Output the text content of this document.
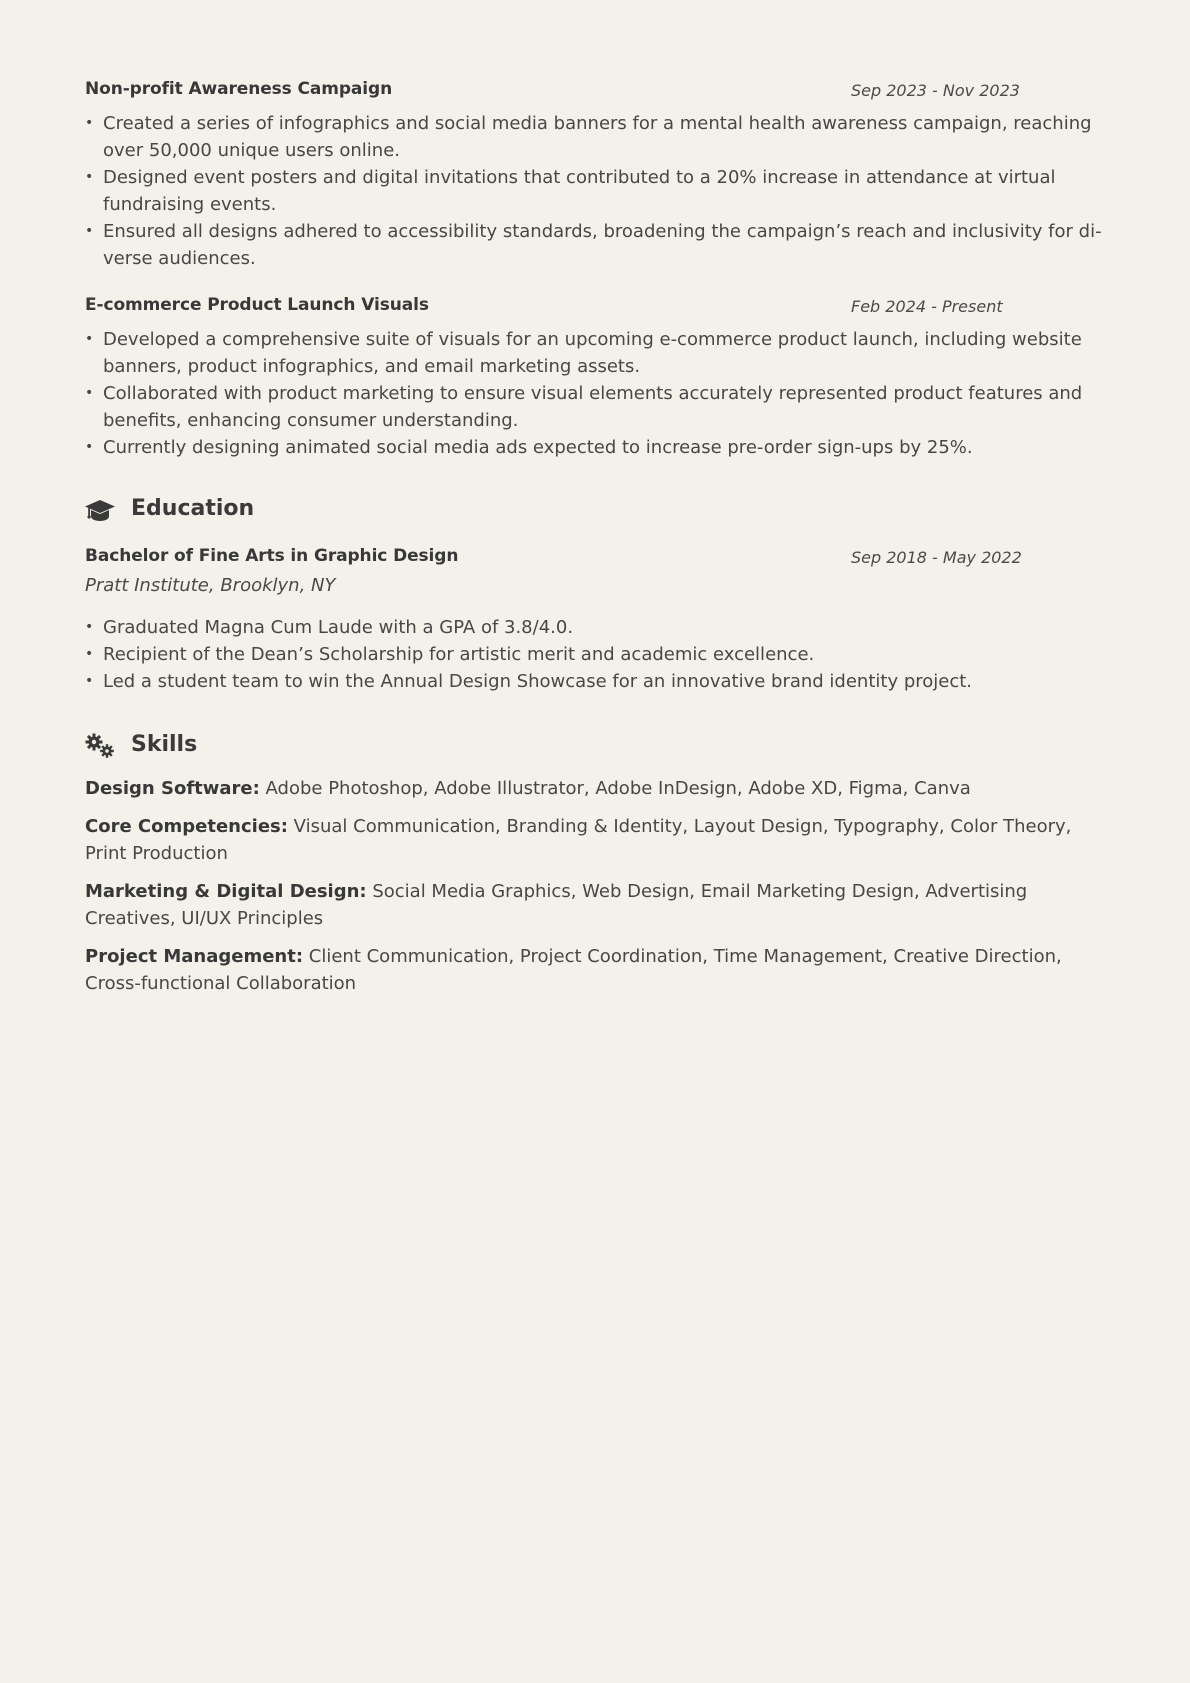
Non-profit Awareness Campaign	Sep 2023 - Nov 2023
• Created a series of infographics and social media banners for a mental health awareness campaign, reaching over 50,000 unique users online.
• Designed event posters and digital invitations that contributed to a 20% increase in attendance at virtual fundraising events.
• Ensured all designs adhered to accessibility standards, broadening the campaign’s reach and inclusivity for di-verse audiences.
E-commerce Product Launch Visuals	Feb 2024 - Present
• Developed a comprehensive suite of visuals for an upcoming e-commerce product launch, including website banners, product infographics, and email marketing assets.
• Collaborated with product marketing to ensure visual elements accurately represented product features and benefits, enhancing consumer understanding.
• Currently designing animated social media ads expected to increase pre-order sign-ups by 25%.
Education
Bachelor of Fine Arts in Graphic Design	Sep 2018 - May 2022
Pratt Institute, Brooklyn, NY
• Graduated Magna Cum Laude with a GPA of 3.8/4.0.
• Recipient of the Dean’s Scholarship for artistic merit and academic excellence.
• Led a student team to win the Annual Design Showcase for an innovative brand identity project.
Skills
Design Software: Adobe Photoshop, Adobe Illustrator, Adobe InDesign, Adobe XD, Figma, Canva
Core Competencies: Visual Communication, Branding & Identity, Layout Design, Typography, Color Theory, Print Production
Marketing & Digital Design: Social Media Graphics, Web Design, Email Marketing Design, Advertising Creatives, UI/UX Principles
Project Management: Client Communication, Project Coordination, Time Management, Creative Direction, Cross-functional Collaboration
